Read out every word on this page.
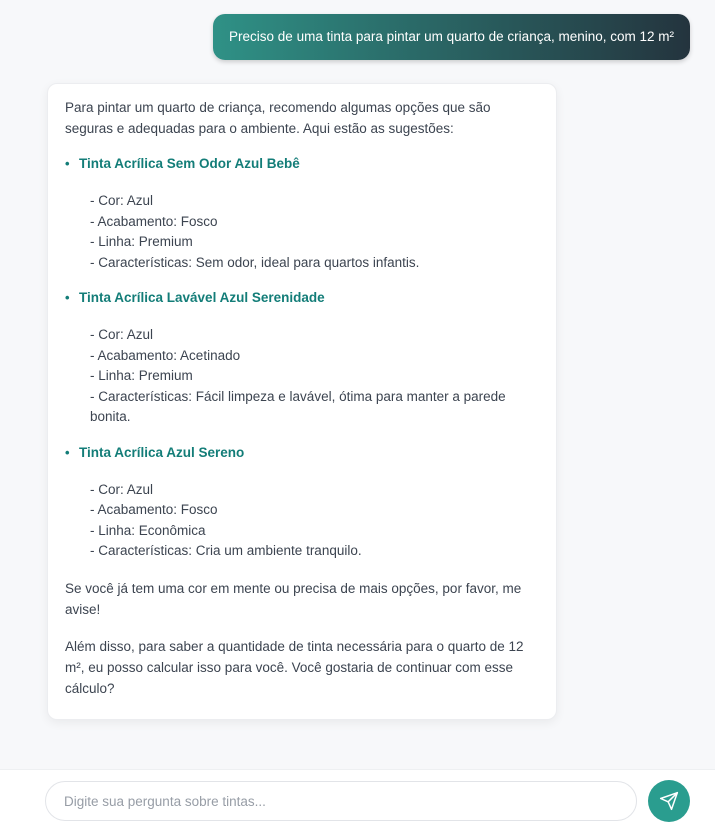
Preciso de uma tinta para pintar um quarto de criança, menino, com 12 m²

Para pintar um quarto de criança, recomendo algumas opções que são seguras e adequadas para o ambiente. Aqui estão as sugestões:

• Tinta Acrílica Sem Odor Azul Bebê
- Cor: Azul
- Acabamento: Fosco
- Linha: Premium
- Características: Sem odor, ideal para quartos infantis.
• Tinta Acrílica Lavável Azul Serenidade
- Cor: Azul
- Acabamento: Acetinado
- Linha: Premium
- Características: Fácil limpeza e lavável, ótima para manter a parede bonita.
• Tinta Acrílica Azul Sereno
- Cor: Azul
- Acabamento: Fosco
- Linha: Econômica
- Características: Cria um ambiente tranquilo.

Se você já tem uma cor em mente ou precisa de mais opções, por favor, me avise!

Além disso, para saber a quantidade de tinta necessária para o quarto de 12 m², eu posso calcular isso para você. Você gostaria de continuar com esse cálculo?

Digite sua pergunta sobre tintas...
